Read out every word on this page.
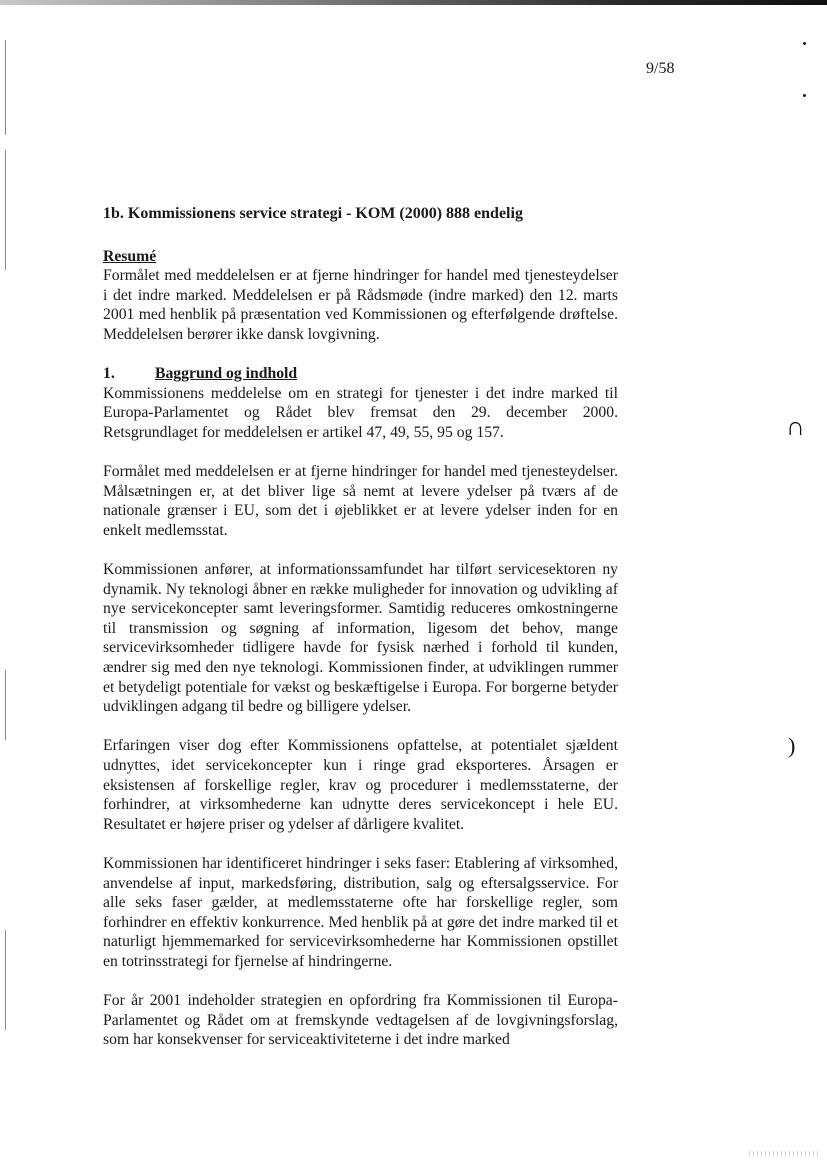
9/58
∩
)
1b. Kommissionens service strategi - KOM (2000) 888 endelig
Resumé

Formålet med meddelelsen er at fjerne hindringer for handel med tjenesteydelser i det indre marked. Meddelelsen er på Rådsmøde (indre marked) den 12. marts 2001 med henblik på præsentation ved Kommissionen og efterfølgende drøftelse. Meddelelsen berører ikke dansk lovgivning.

1.	Baggrund og indhold

Kommissionens meddelelse om en strategi for tjenester i det indre marked til Europa-Parlamentet og Rådet blev fremsat den 29. december 2000. Retsgrundlaget for meddelelsen er artikel 47, 49, 55, 95 og 157.

Formålet med meddelelsen er at fjerne hindringer for handel med tjenesteydelser. Målsætningen er, at det bliver lige så nemt at levere ydelser på tværs af de nationale grænser i EU, som det i øjeblikket er at levere ydelser inden for en enkelt medlemsstat.

Kommissionen anfører, at informationssamfundet har tilført servicesektoren ny dynamik. Ny teknologi åbner en række muligheder for innovation og udvikling af nye servicekoncepter samt leveringsformer. Samtidig reduceres omkostningerne til transmission og søgning af information, ligesom det behov, mange servicevirksomheder tidligere havde for fysisk nærhed i forhold til kunden, ændrer sig med den nye teknologi. Kommissionen finder, at udviklingen rummer et betydeligt potentiale for vækst og beskæftigelse i Europa. For borgerne betyder udviklingen adgang til bedre og billigere ydelser.

Erfaringen viser dog efter Kommissionens opfattelse, at potentialet sjældent udnyttes, idet servicekoncepter kun i ringe grad eksporteres. Årsagen er eksistensen af forskellige regler, krav og procedurer i medlemsstaterne, der forhindrer, at virksomhederne kan udnytte deres servicekoncept i hele EU. Resultatet er højere priser og ydelser af dårligere kvalitet.

Kommissionen har identificeret hindringer i seks faser: Etablering af virksomhed, anvendelse af input, markedsføring, distribution, salg og eftersalgsservice. For alle seks faser gælder, at medlemsstaterne ofte har forskellige regler, som forhindrer en effektiv konkurrence. Med henblik på at gøre det indre marked til et naturligt hjemmemarked for servicevirksomhederne har Kommissionen opstillet en totrinsstrategi for fjernelse af hindringerne.

For år 2001 indeholder strategien en opfordring fra Kommissionen til Europa-Parlamentet og Rådet om at fremskynde vedtagelsen af de lovgivningsforslag, som har konsekvenser for serviceaktiviteterne i det indre marked
